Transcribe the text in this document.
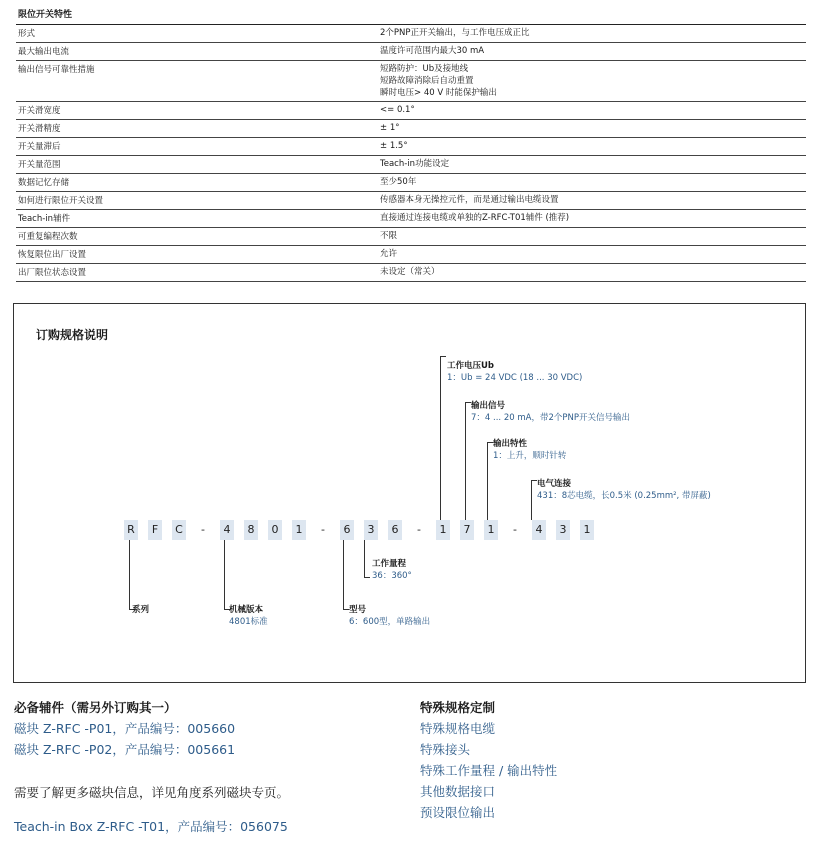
限位开关特性
形式	2个PNP正开关输出，与工作电压成正比
最大输出电流	温度许可范围内最大30 mA
输出信号可靠性措施	短路防护：Ub及接地线
短路故障消除后自动重置
瞬时电压> 40 V 时能保护输出
开关滑宽度	<= 0.1°
开关滑精度	± 1°
开关量滞后	± 1.5°
开关量范围	Teach-in功能设定
数据记忆存储	至少50年
如何进行限位开关设置	传感器本身无操控元件，而是通过输出电缆设置
Teach-in辅件	直接通过连接电缆或单独的Z-RFC-T01辅件 (推荐)
可重复编程次数	不限
恢复限位出厂设置	允许
出厂限位状态设置	未设定（常关）
订购规格说明
R	F	C	-	4	8	0	1	-	6	3	6	-	1	7	1	-	4	3	1
工作电压Ub
1：Ub = 24 VDC (18 ... 30 VDC)
输出信号
7：4 ... 20 mA，带2个PNP开关信号输出
输出特性
1：上升，顺时针转
电气连接
431：8芯电缆，长0.5米 (0.25mm², 带屏蔽)
工作量程
36：360°
系列	机械版本
4801标准
型号
6：600型，单路输出
必备辅件（需另外订购其一）
磁块 Z-RFC -P01，产品编号：005660
磁块 Z-RFC -P02，产品编号：005661
需要了解更多磁块信息，详见角度系列磁块专页。
Teach-in Box Z-RFC -T01，产品编号：056075
特殊规格定制
特殊规格电缆
特殊接头
特殊工作量程 / 输出特性
其他数据接口
预设限位输出
